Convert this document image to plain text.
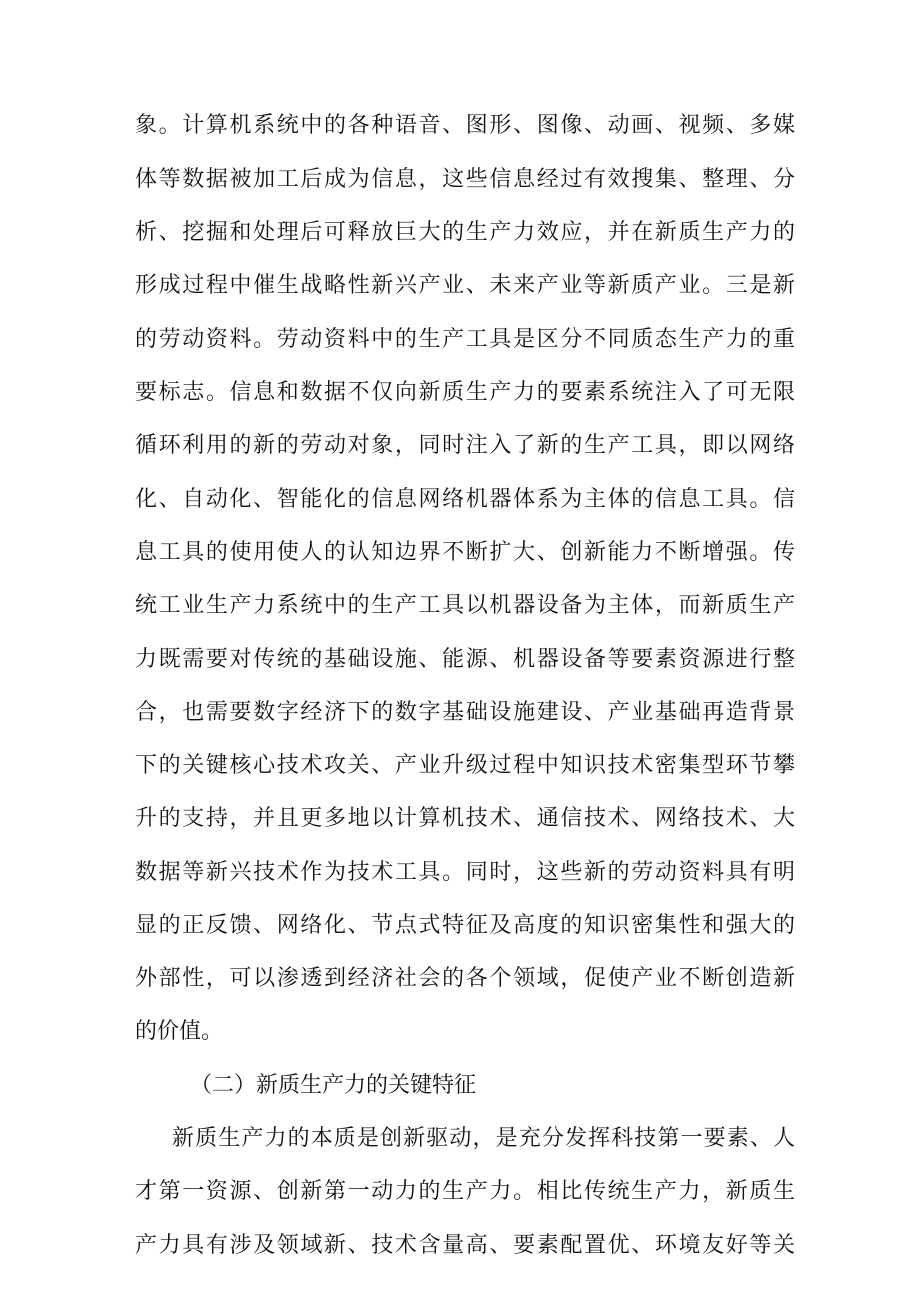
象。计算机系统中的各种语音、图形、图像、动画、视频、多媒
体等数据被加工后成为信息，这些信息经过有效搜集、整理、分
析、挖掘和处理后可释放巨大的生产力效应，并在新质生产力的
形成过程中催生战略性新兴产业、未来产业等新质产业。三是新
的劳动资料。劳动资料中的生产工具是区分不同质态生产力的重
要标志。信息和数据不仅向新质生产力的要素系统注入了可无限
循环利用的新的劳动对象，同时注入了新的生产工具，即以网络
化、自动化、智能化的信息网络机器体系为主体的信息工具。信
息工具的使用使人的认知边界不断扩大、创新能力不断增强。传
统工业生产力系统中的生产工具以机器设备为主体，而新质生产
力既需要对传统的基础设施、能源、机器设备等要素资源进行整
合，也需要数字经济下的数字基础设施建设、产业基础再造背景
下的关键核心技术攻关、产业升级过程中知识技术密集型环节攀
升的支持，并且更多地以计算机技术、通信技术、网络技术、大
数据等新兴技术作为技术工具。同时，这些新的劳动资料具有明
显的正反馈、网络化、节点式特征及高度的知识密集性和强大的
外部性，可以渗透到经济社会的各个领域，促使产业不断创造新
的价值。
（二）新质生产力的关键特征
新质生产力的本质是创新驱动，是充分发挥科技第一要素、人
才第一资源、创新第一动力的生产力。相比传统生产力，新质生
产力具有涉及领域新、技术含量高、要素配置优、环境友好等关
